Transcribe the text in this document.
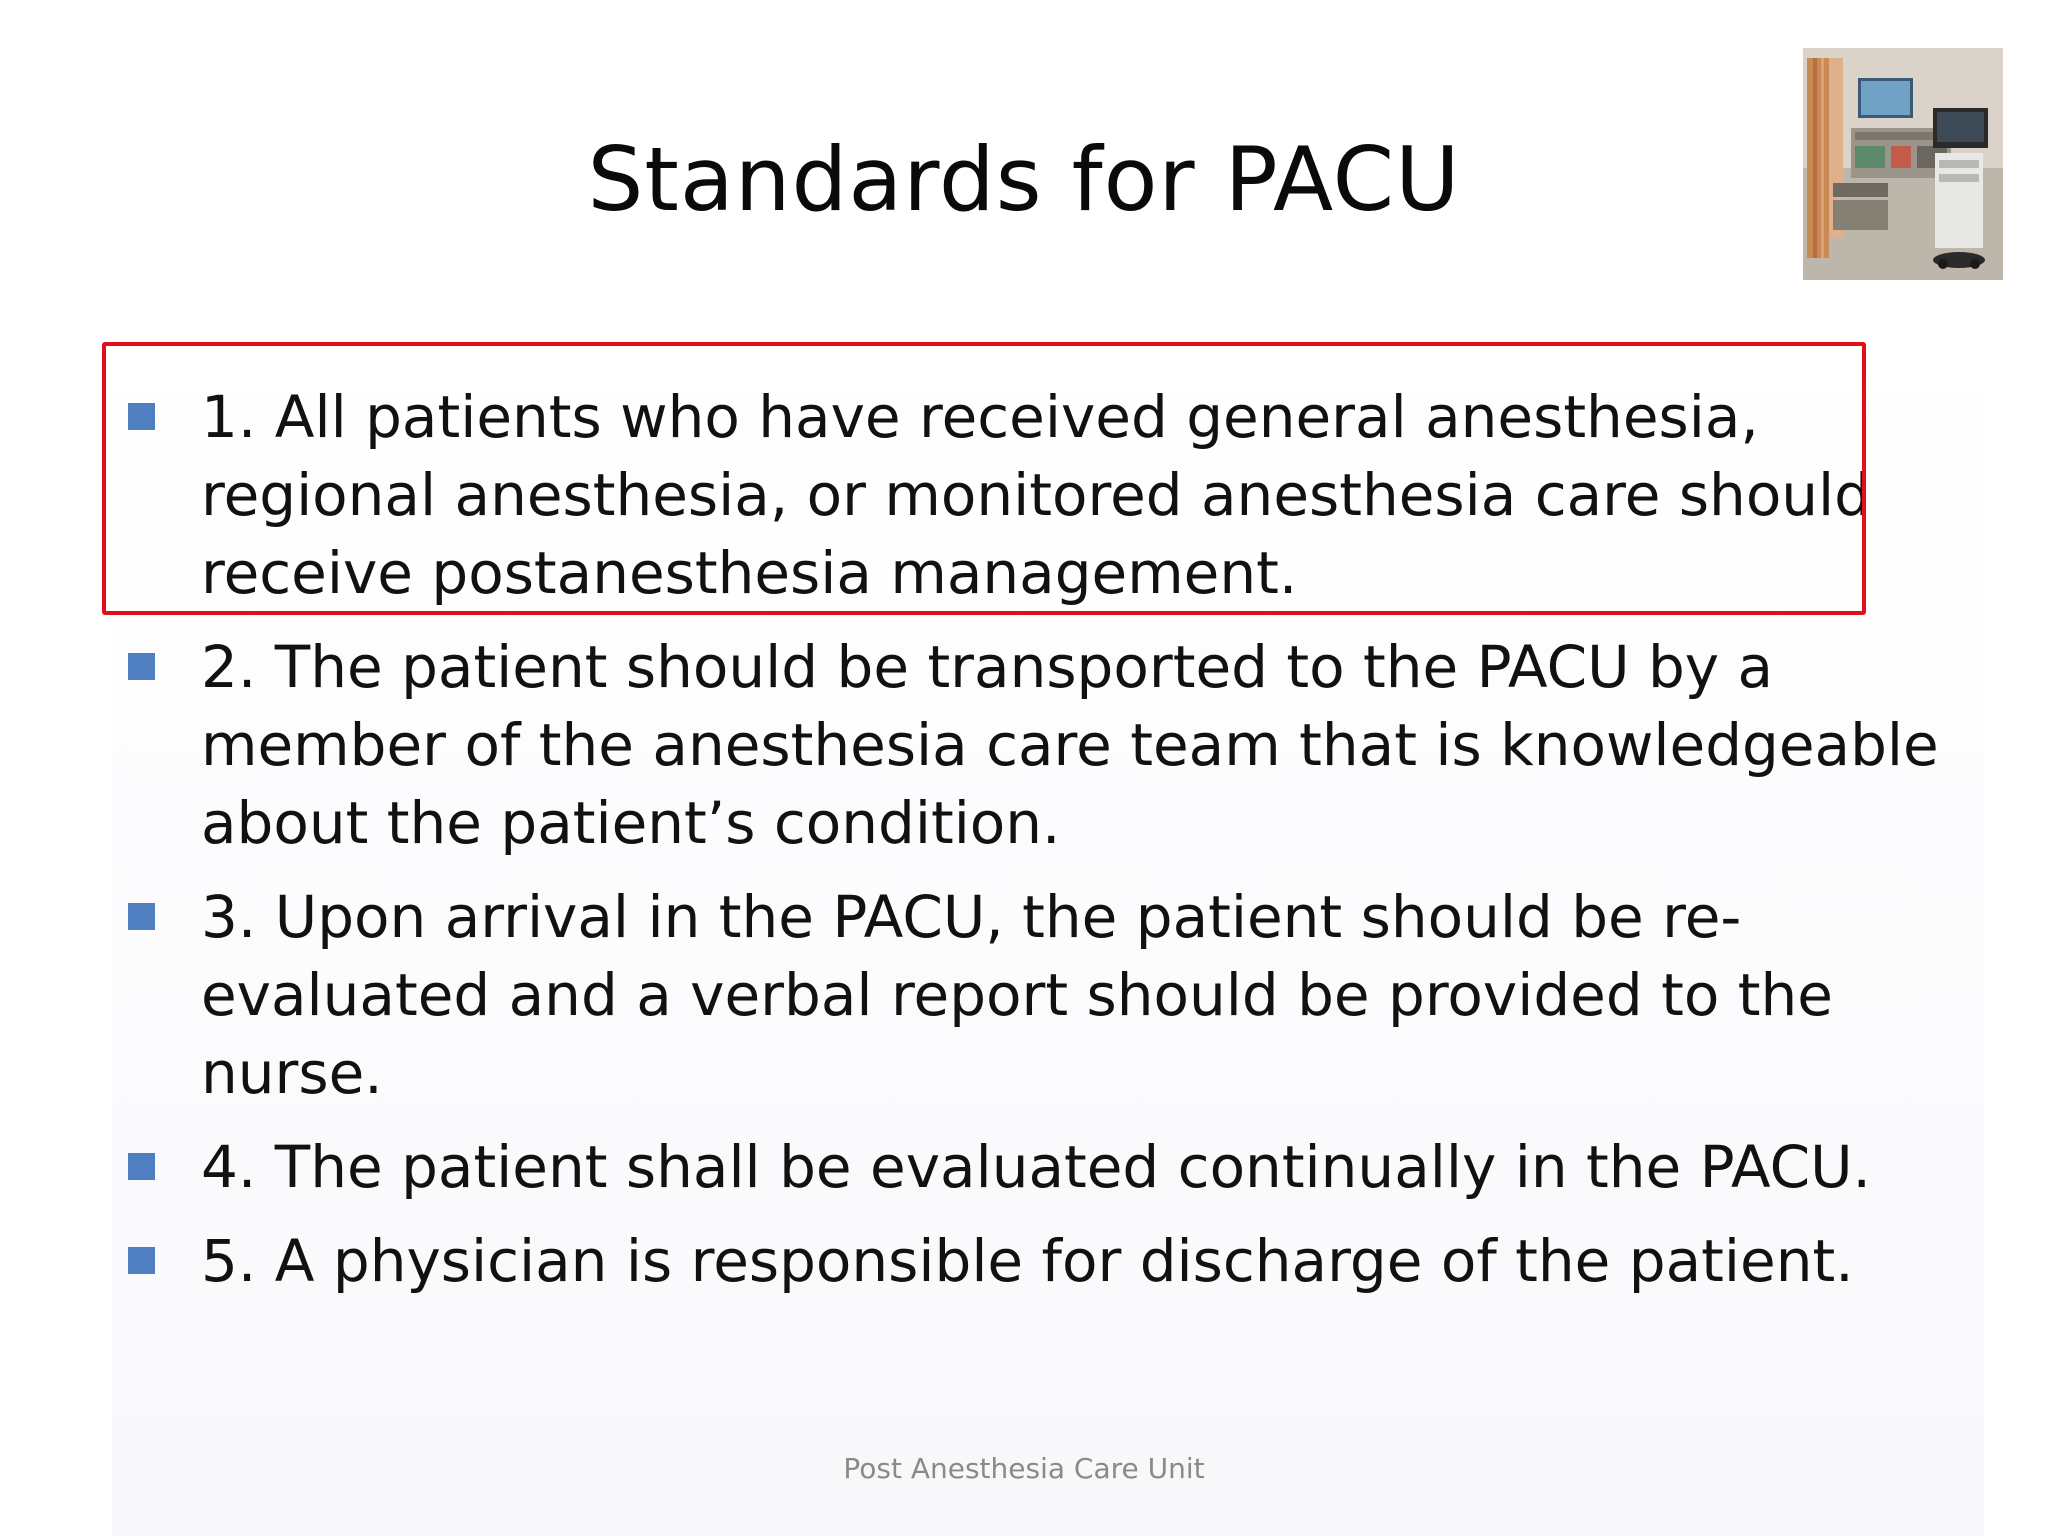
Standards for PACU
1. All patients who have received general anesthesia,
regional anesthesia, or monitored anesthesia care should
receive postanesthesia management.
2. The patient should be transported to the PACU by a
member of the anesthesia care team that is knowledgeable
about the patient’s condition.
3. Upon arrival in the PACU, the patient should be re-
evaluated and a verbal report should be provided to the
nurse.
4. The patient shall be evaluated continually in the PACU.
5. A physician is responsible for discharge of the patient.
Post Anesthesia Care Unit
